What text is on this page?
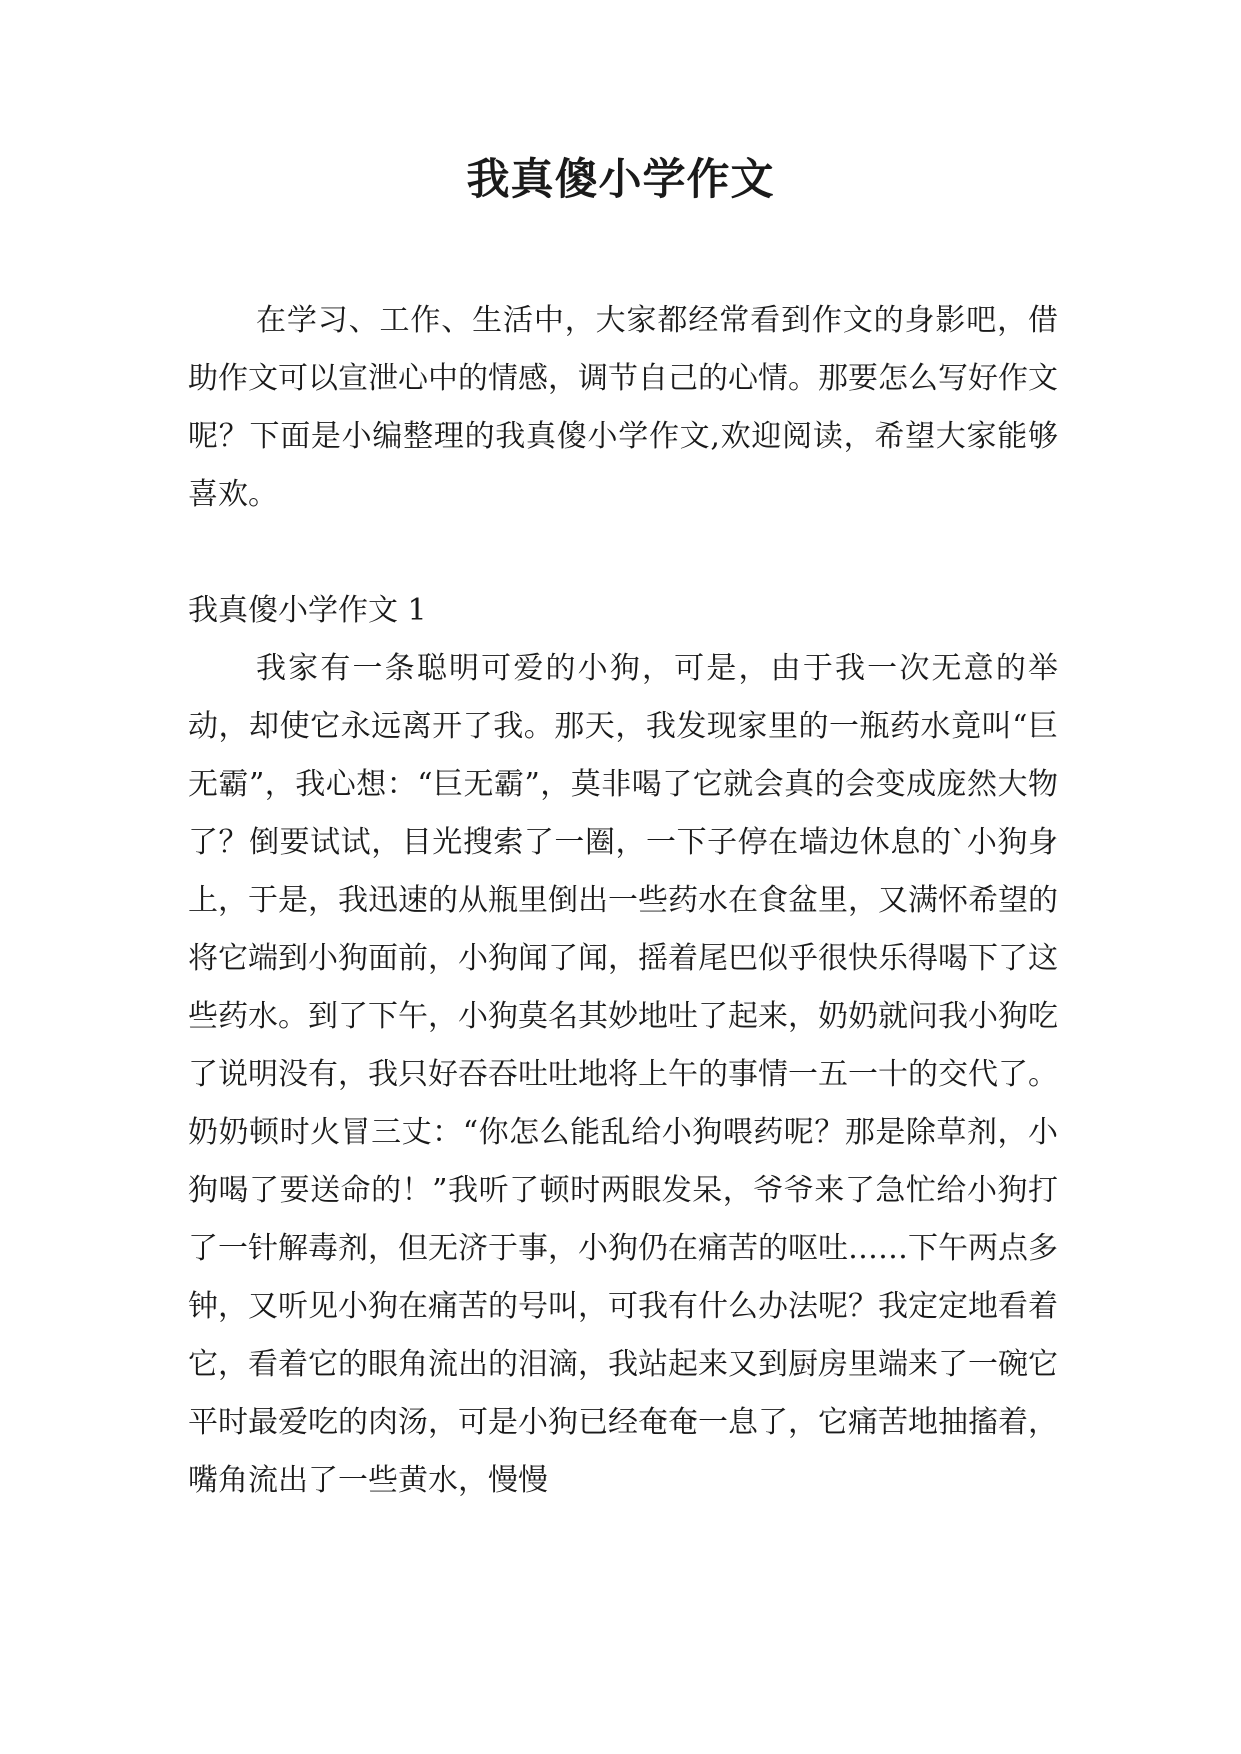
我真傻小学作文

在学习、工作、生活中，大家都经常看到作文的身影吧，借助作文可以宣泄心中的情感，调节自己的心情。那要怎么写好作文呢？下面是小编整理的我真傻小学作文,欢迎阅读，希望大家能够喜欢。

我真傻小学作文 1

我家有一条聪明可爱的小狗，可是，由于我一次无意的举动，却使它永远离开了我。那天，我发现家里的一瓶药水竟叫“巨无霸”，我心想：“巨无霸”，莫非喝了它就会真的会变成庞然大物了？倒要试试，目光搜索了一圈，一下子停在墙边休息的`小狗身上，于是，我迅速的从瓶里倒出一些药水在食盆里，又满怀希望的将它端到小狗面前，小狗闻了闻，摇着尾巴似乎很快乐得喝下了这些药水。到了下午，小狗莫名其妙地吐了起来，奶奶就问我小狗吃了说明没有，我只好吞吞吐吐地将上午的事情一五一十的交代了。奶奶顿时火冒三丈：“你怎么能乱给小狗喂药呢？那是除草剂，小狗喝了要送命的！”我听了顿时两眼发呆，爷爷来了急忙给小狗打了一针解毒剂，但无济于事，小狗仍在痛苦的呕吐……下午两点多钟，又听见小狗在痛苦的号叫，可我有什么办法呢？我定定地看着它，看着它的眼角流出的泪滴，我站起来又到厨房里端来了一碗它平时最爱吃的肉汤，可是小狗已经奄奄一息了，它痛苦地抽搐着，嘴角流出了一些黄水，慢慢
